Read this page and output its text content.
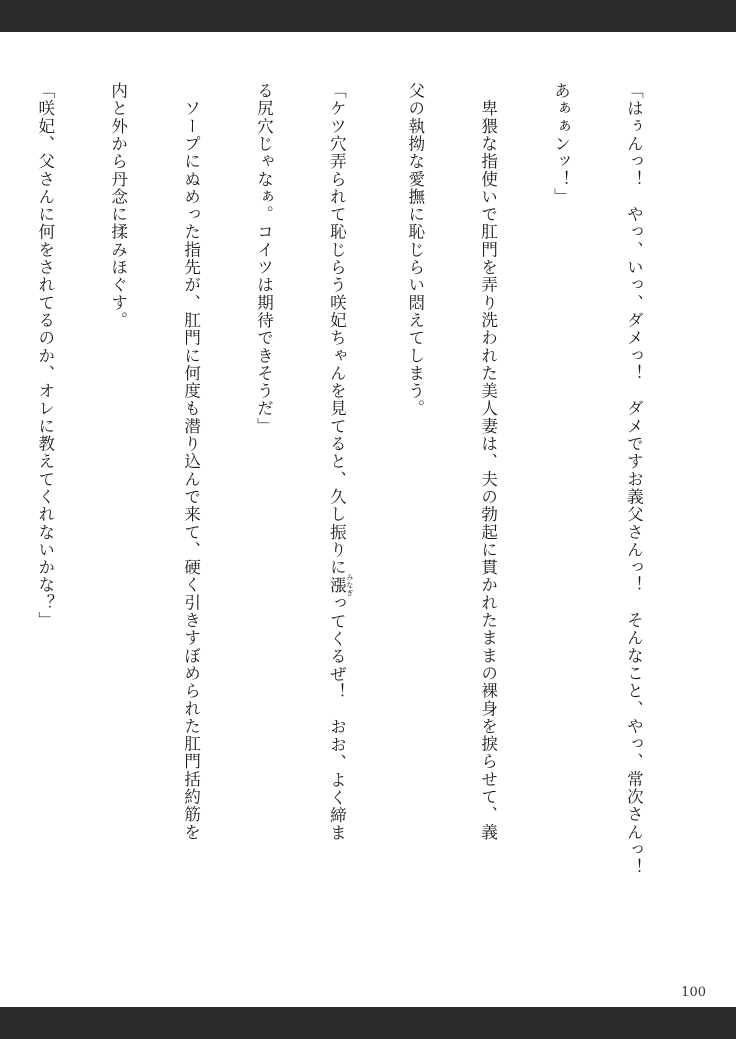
「はぅんっ！　やっ、いっ、ダメっ！　ダメですお義父さんっ！　そんなこと、やっ、常次さんっ！

あぁぁンッ！」

　卑猥な指使いで肛門を弄り洗われた美人妻は、夫の勃起に貫かれたままの裸身を捩らせて、義

父の執拗な愛撫に恥じらい悶えてしまう。

「ケツ穴弄られて恥じらう咲妃ちゃんを見てると、久し振りに漲 みなぎってくるぜ！　おお、よく締ま

る尻穴じゃなぁ。コイツは期待できそうだ」

　ソープにぬめった指先が、肛門に何度も潜り込んで来て、硬く引きすぼめられた肛門括約筋を

内と外から丹念に揉みほぐす。

「咲妃、父さんに何をされてるのか、オレに教えてくれないかな？」

100
